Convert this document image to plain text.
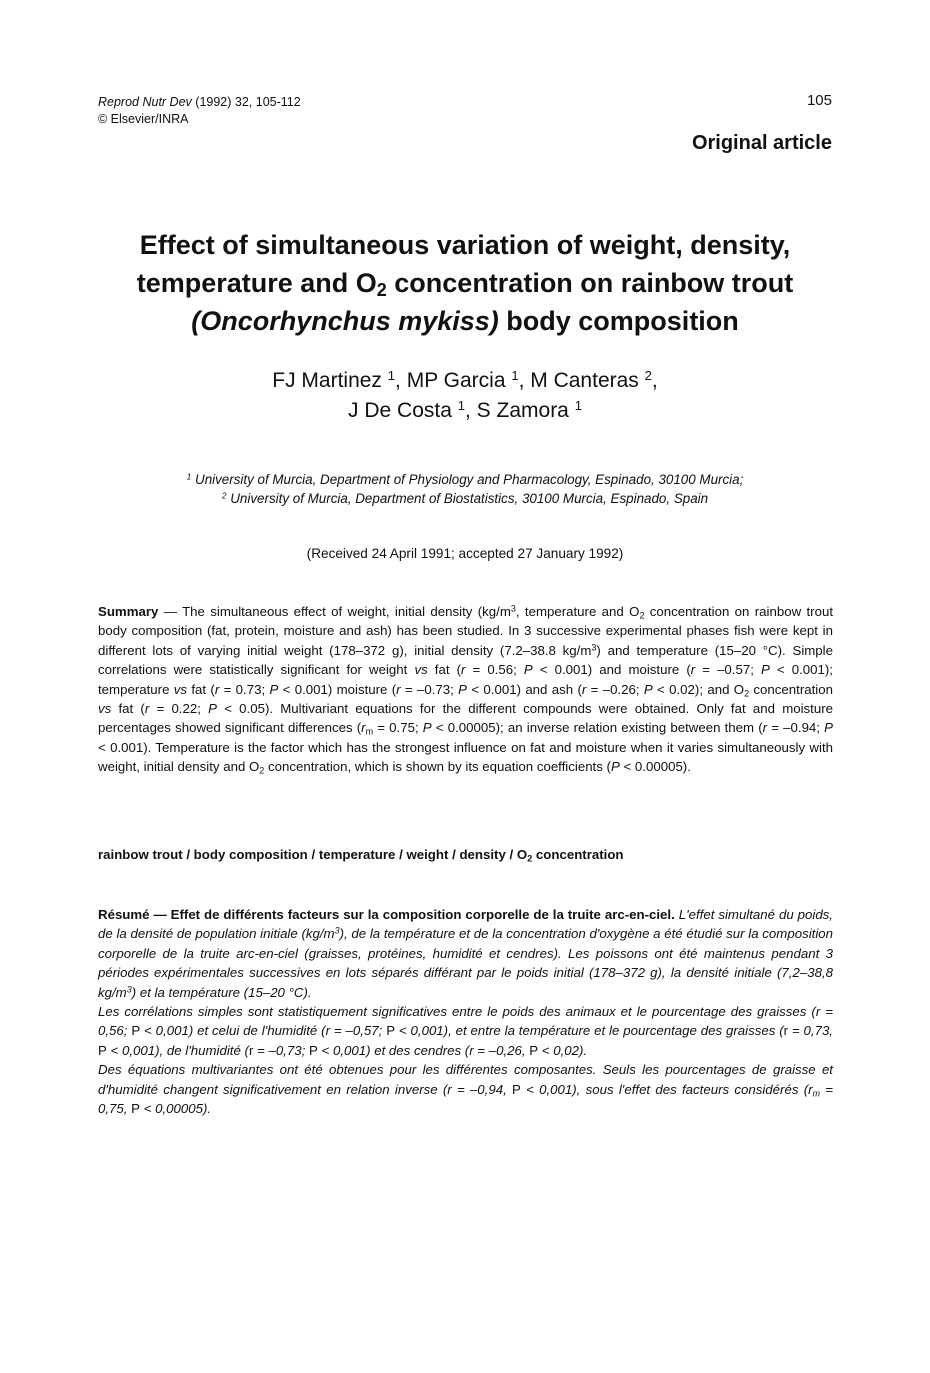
Reprod Nutr Dev (1992) 32, 105-112
© Elsevier/INRA
105
Original article
Effect of simultaneous variation of weight, density,
temperature and $O_2$ concentration on rainbow trout
(Oncorhynchus mykiss) body composition
FJ Martinez $^1$, MP Garcia $^1$, M Canteras $^2$,
J De Costa $^1$, S Zamora $^1$
$^1$ University of Murcia, Department of Physiology and Pharmacology, Espinado, 30100 Murcia;
$^2$ University of Murcia, Department of Biostatistics, 30100 Murcia, Espinado, Spain
(Received 24 April 1991; accepted 27 January 1992)
Summary — The simultaneous effect of weight, initial density ($kg/m^3$, temperature and $O_2$ concentration on rainbow trout body composition (fat, protein, moisture and ash) has been studied. In 3 successive experimental phases fish were kept in different lots of varying initial weight (178–372 g), initial density (7.2–38.8 $kg/m^3$) and temperature (15–20 °C). Simple correlations were statistically significant for weight vs fat (r = 0.56; P < 0.001) and moisture (r = –0.57; P < 0.001); temperature vs fat (r = 0.73; P < 0.001) moisture (r = –0.73; P < 0.001) and ash (r = –0.26; P < 0.02); and $O_2$ concentration vs fat (r = 0.22; P < 0.05). Multivariant equations for the different compounds were obtained. Only fat and moisture percentages showed significant differences ($r_m = 0.75$; P < 0.00005); an inverse relation existing between them (r = –0.94; P < 0.001). Temperature is the factor which has the strongest influence on fat and moisture when it varies simultaneously with weight, initial density and $O_2$ concentration, which is shown by its equation coefficients (P < 0.00005).
rainbow trout / body composition / temperature / weight / density / $O_2$ concentration

Résumé — Effet de différents facteurs sur la composition corporelle de la truite arc-en-ciel. L'effet simultané du poids, de la densité de population initiale $(kg/m^3)$, de la température et de la concentration d'oxygène a été étudié sur la composition corporelle de la truite arc-en-ciel (graisses, protéines, humidité et cendres). Les poissons ont été maintenus pendant 3 périodes expérimentales successives en lots séparés différant par le poids initial (178–372 g), la densité initiale (7,2–38,8 $kg/m^3$) et la température (15–20 °C).

Les corrélations simples sont statistiquement significatives entre le poids des animaux et le pourcentage des graisses (r = 0,56; P < 0,001) et celui de l'humidité (r = –0,57; P < 0,001), et entre la température et le pourcentage des graisses (r = 0,73, P < 0,001), de l'humidité (r = –0,73; P < 0,001) et des cendres (r = –0,26, P < 0,02).

Des équations multivariantes ont été obtenues pour les différentes composantes. Seuls les pourcentages de graisse et d'humidité changent significativement en relation inverse (r = –0,94, P < 0,001), sous l'effet des facteurs considérés ($r_m = 0,75$, P < 0,00005).
